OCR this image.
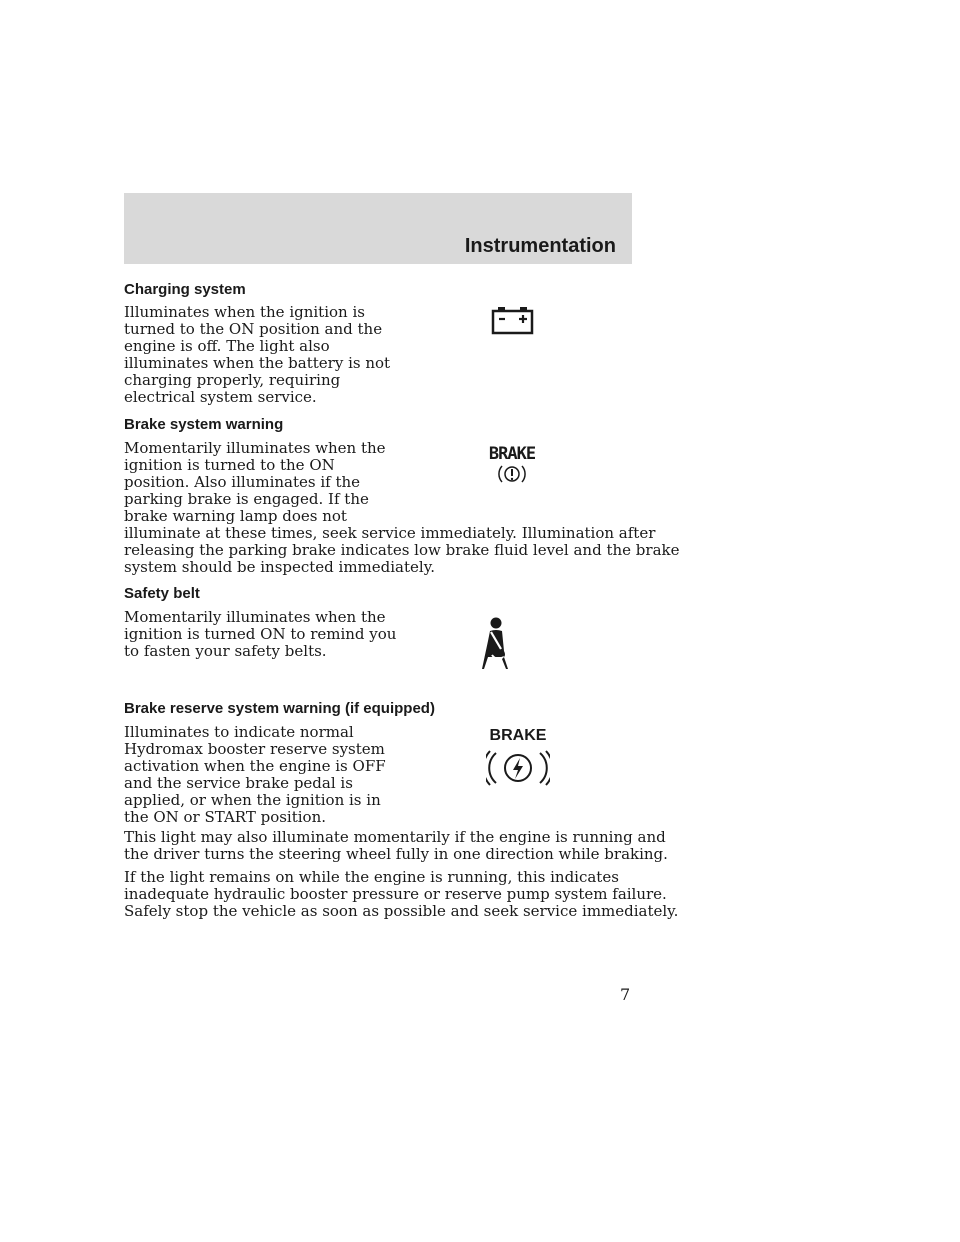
Instrumentation
Charging system
Illuminates when the ignition is
turned to the ON position and the
engine is off. The light also
illuminates when the battery is not
charging properly, requiring
electrical system service.
Brake system warning
Momentarily illuminates when the
ignition is turned to the ON
position. Also illuminates if the
parking brake is engaged. If the
brake warning lamp does not
illuminate at these times, seek service immediately. Illumination after
releasing the parking brake indicates low brake fluid level and the brake
system should be inspected immediately.
BRAKE
Safety belt
Momentarily illuminates when the
ignition is turned ON to remind you
to fasten your safety belts.
Brake reserve system warning (if equipped)
Illuminates to indicate normal
Hydromax booster reserve system
activation when the engine is OFF
and the service brake pedal is
applied, or when the ignition is in
the ON or START position.
BRAKE
This light may also illuminate momentarily if the engine is running and
the driver turns the steering wheel fully in one direction while braking.
If the light remains on while the engine is running, this indicates
inadequate hydraulic booster pressure or reserve pump system failure.
Safely stop the vehicle as soon as possible and seek service immediately.
7
